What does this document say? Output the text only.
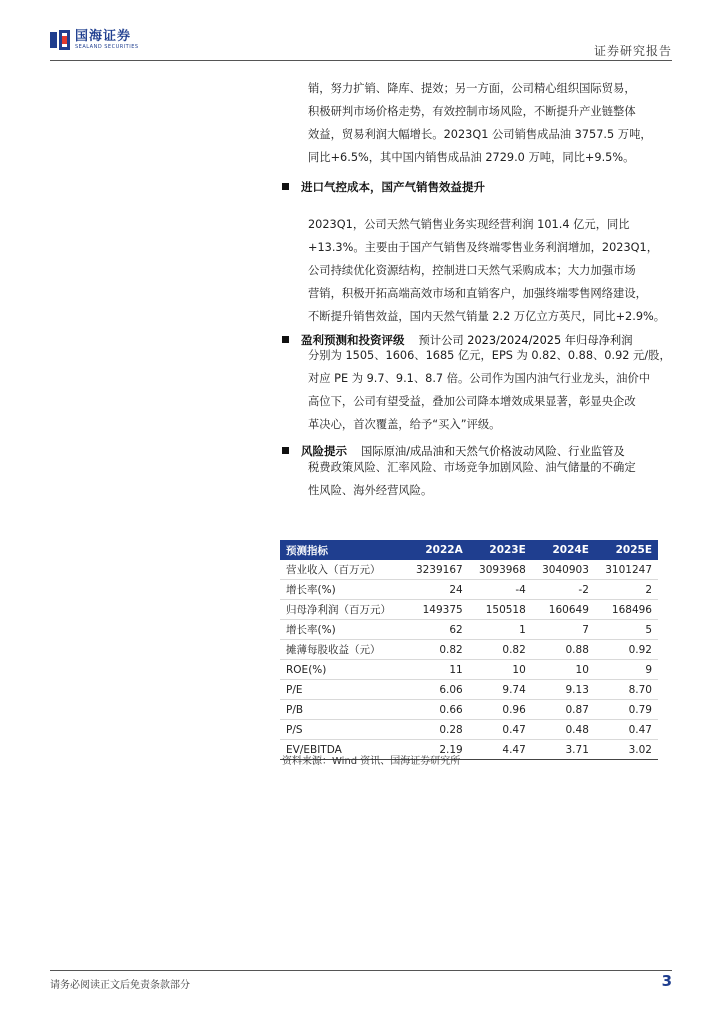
国海证券
SEALAND SECURITIES	证券研究报告

销，努力扩销、降库、提效；另一方面，公司精心组织国际贸易，

积极研判市场价格走势，有效控制市场风险，不断提升产业链整体

效益，贸易利润大幅增长。2023Q1 公司销售成品油 3757.5 万吨，

同比+6.5%，其中国内销售成品油 2729.0 万吨，同比+9.5%。

进口气控成本，国产气销售效益提升

2023Q1，公司天然气销售业务实现经营利润 101.4 亿元，同比

+13.3%。主要由于国产气销售及终端零售业务利润增加，2023Q1，

公司持续优化资源结构，控制进口天然气采购成本；大力加强市场

营销，积极开拓高端高效市场和直销客户，加强终端零售网络建设，

不断提升销售效益，国内天然气销量 2.2 万亿立方英尺，同比+2.9%。

盈利预测和投资评级 预计公司 2023/2024/2025 年归母净利润

分别为 1505、1606、1685 亿元，EPS 为 0.82、0.88、0.92 元/股，

对应 PE 为 9.7、9.1、8.7 倍。公司作为国内油气行业龙头，油价中

高位下，公司有望受益，叠加公司降本增效成果显著，彰显央企改

革决心，首次覆盖，给予“买入”评级。

风险提示 国际原油/成品油和天然气价格波动风险、行业监管及

税费政策风险、汇率风险、市场竞争加剧风险、油气储量的不确定

性风险、海外经营风险。

预测指标	2022A	2023E	2024E	2025E
营业收入（百万元）	3239167	3093968	3040903	3101247
增长率(%)	24	-4	-2	2
归母净利润（百万元）	149375	150518	160649	168496
增长率(%)	62	1	7	5
摊薄每股收益（元）	0.82	0.82	0.88	0.92
ROE(%)	11	10	10	9
P/E	6.06	9.74	9.13	8.70
P/B	0.66	0.96	0.87	0.79
P/S	0.28	0.47	0.48	0.47
EV/EBITDA	2.19	4.47	3.71	3.02
资料来源：Wind 资讯、国海证券研究所
请务必阅读正文后免责条款部分	3
